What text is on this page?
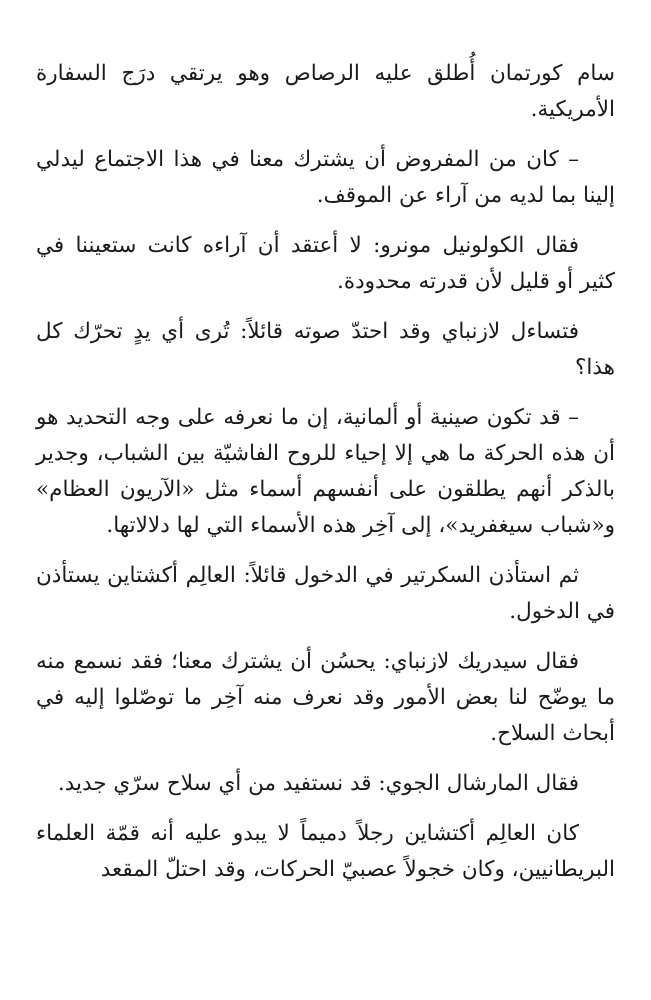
سام كورتمان أُطلق عليه الرصاص وهو يرتقي درَج السفارة الأمريكية.

– كان من المفروض أن يشترك معنا في هذا الاجتماع ليدلي إلينا بما لديه من آراء عن الموقف.

فقال الكولونيل مونرو: لا أعتقد أن آراءه كانت ستعيننا في كثير أو قليل لأن قدرته محدودة.

فتساءل لازنباي وقد احتدّ صوته قائلاً: تُرى أي يدٍ تحرّك كل هذا؟

– قد تكون صينية أو ألمانية، إن ما نعرفه على وجه التحديد هو أن هذه الحركة ما هي إلا إحياء للروح الفاشيّة بين الشباب، وجدير بالذكر أنهم يطلقون على أنفسهم أسماء مثل «الآريون العظام» و«شباب سيغفريد»، إلى آخِر هذه الأسماء التي لها دلالاتها.

ثم استأذن السكرتير في الدخول قائلاً: العالِم أكشتاين يستأذن في الدخول.

فقال سيدريك لازنباي: يحسُن أن يشترك معنا؛ فقد نسمع منه ما يوضّح لنا بعض الأمور وقد نعرف منه آخِر ما توصّلوا إليه في أبحاث السلاح.

فقال المارشال الجوي: قد نستفيد من أي سلاح سرّي جديد.

كان العالِم أكتشاين رجلاً دميماً لا يبدو عليه أنه قمّة العلماء البريطانيين، وكان خجولاً عصبيّ الحركات، وقد احتلّ المقعد
